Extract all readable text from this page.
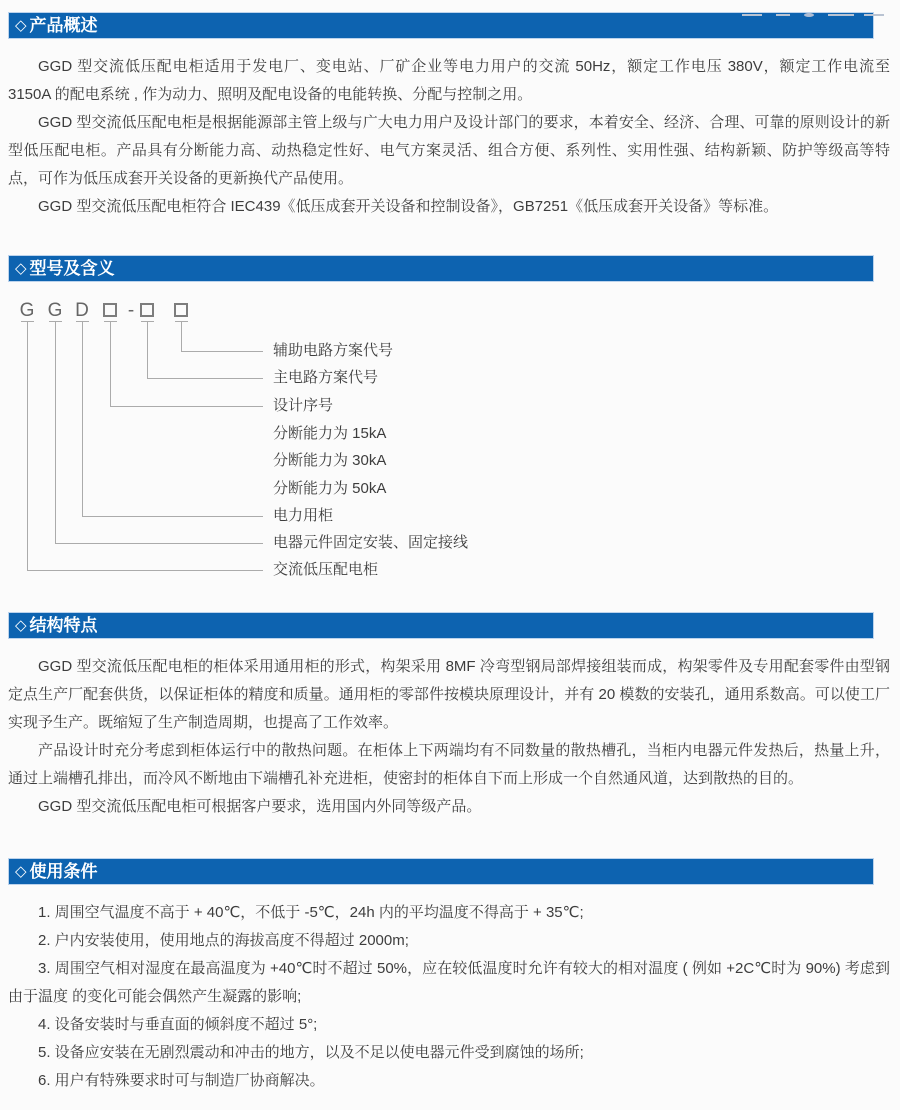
◇ 产品概述

GGD 型交流低压配电柜适用于发电厂、变电站、厂矿企业等电力用户的交流 50Hz，额定工作电压 380V，额定工作电流至 3150A 的配电系统 , 作为动力、照明及配电设备的电能转换、分配与控制之用。

GGD 型交流低压配电柜是根据能源部主管上级与广大电力用户及设计部门的要求，本着安全、经济、合理、可靠的原则设计的新型低压配电柜。产品具有分断能力高、动热稳定性好、电气方案灵活、组合方便、系列性、实用性强、结构新颖、防护等级高等特点，可作为低压成套开关设备的更新换代产品使用。

GGD 型交流低压配电柜符合 IEC439《低压成套开关设备和控制设备》，GB7251《低压成套开关设备》等标准。

◇ 型号及含义
G G D	-
辅助电路方案代号
主电路方案代号
设计序号
分断能力为 15kA
分断能力为 30kA
分断能力为 50kA
电力用柜
电器元件固定安装、固定接线
交流低压配电柜
◇ 结构特点

GGD 型交流低压配电柜的柜体采用通用柜的形式，构架采用 8MF 冷弯型钢局部焊接组装而成，构架零件及专用配套零件由型钢定点生产厂配套供货，以保证柜体的精度和质量。通用柜的零部件按模块原理设计，并有 20 模数的安装孔，通用系数高。可以使工厂实现予生产。既缩短了生产制造周期，也提高了工作效率。

产品设计时充分考虑到柜体运行中的散热问题。在柜体上下两端均有不同数量的散热槽孔，当柜内电器元件发热后，热量上升，通过上端槽孔排出，而冷风不断地由下端槽孔补充进柜，使密封的柜体自下而上形成一个自然通风道，达到散热的目的。

GGD 型交流低压配电柜可根据客户要求，选用国内外同等级产品。

◇ 使用条件

1. 周围空气温度不高于 + 40℃，不低于 -5℃，24h 内的平均温度不得高于 + 35℃;

2. 户内安装使用，使用地点的海拔高度不得超过 2000m;

3. 周围空气相对湿度在最高温度为 +40℃时不超过 50%，应在较低温度时允许有较大的相对温度 ( 例如 +2C℃时为 90%) 考虑到由于温度 的变化可能会偶然产生凝露的影响;

4. 设备安装时与垂直面的倾斜度不超过 5°;

5. 设备应安装在无剧烈震动和冲击的地方，以及不足以使电器元件受到腐蚀的场所;

6. 用户有特殊要求时可与制造厂协商解决。
